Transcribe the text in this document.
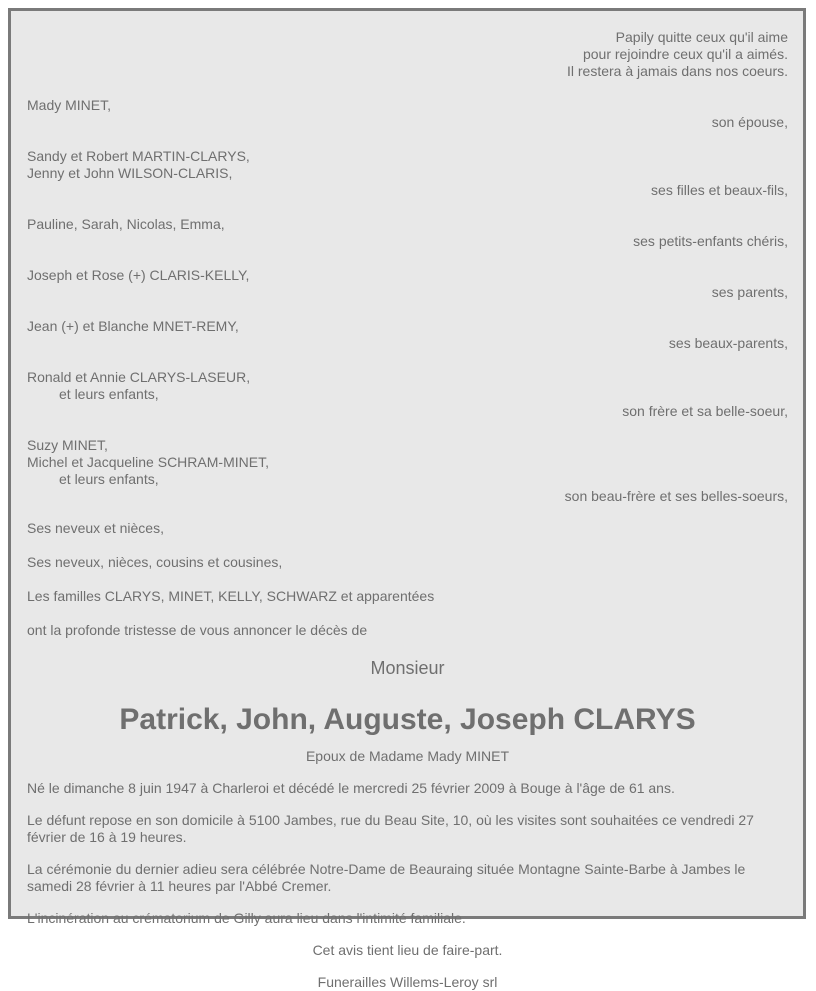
Papily quitte ceux qu'il aime
pour rejoindre ceux qu'il a aimés.
Il restera à jamais dans nos coeurs.
Mady MINET,
son épouse,
Sandy et Robert MARTIN-CLARYS,
Jenny et John WILSON-CLARIS,
ses filles et beaux-fils,
Pauline, Sarah, Nicolas, Emma,
ses petits-enfants chéris,
Joseph et Rose (+) CLARIS-KELLY,
ses parents,
Jean (+) et Blanche MNET-REMY,
ses beaux-parents,
Ronald et Annie CLARYS-LASEUR,
et leurs enfants,
son frère et sa belle-soeur,
Suzy MINET,
Michel et Jacqueline SCHRAM-MINET,
et leurs enfants,
son beau-frère et ses belles-soeurs,
Ses neveux et nièces,
Ses neveux, nièces, cousins et cousines,
Les familles CLARYS, MINET, KELLY, SCHWARZ et apparentées
ont la profonde tristesse de vous annoncer le décès de
Monsieur
Patrick, John, Auguste, Joseph CLARYS
Epoux de Madame Mady MINET
Né le dimanche 8 juin 1947 à Charleroi et décédé le mercredi 25 février 2009 à Bouge à l'âge de 61 ans.
Le défunt repose en son domicile à 5100 Jambes, rue du Beau Site, 10, où les visites sont souhaitées ce vendredi 27
février de 16 à 19 heures.
La cérémonie du dernier adieu sera célébrée Notre-Dame de Beauraing située Montagne Sainte-Barbe à Jambes le
samedi 28 février à 11 heures par l'Abbé Cremer.
L'incinération au crématorium de Gilly aura lieu dans l'intimité familiale.
Cet avis tient lieu de faire-part.
Funerailles Willems-Leroy srl
